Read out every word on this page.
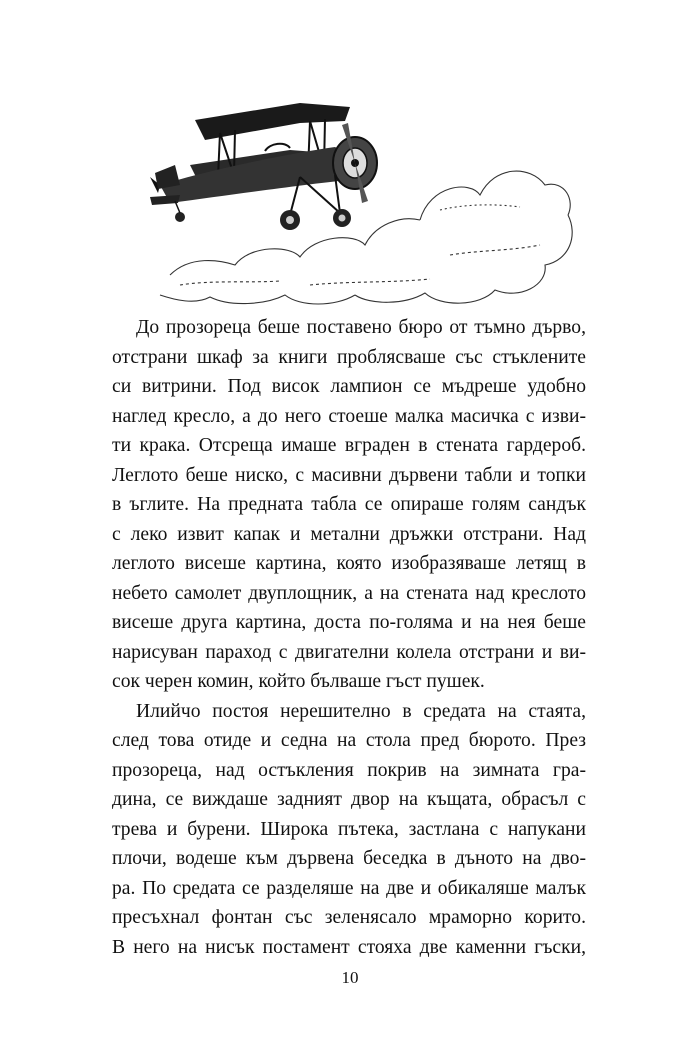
До прозореца беше поставено бюро от тъмно дърво,
отстрани шкаф за книги проблясваше със стъклените
си витрини. Под висок лампион се мъдреше удобно
наглед кресло, а до него стоеше малка масичка с изви-
ти крака. Отсреща имаше вграден в стената гардероб.
Леглото беше ниско, с масивни дървени табли и топки
в ъглите. На предната табла се опираше голям сандък
с леко извит капак и метални дръжки отстрани. Над
леглото висеше картина, която изобразяваше летящ в
небето самолет двуплощник, а на стената над креслото
висеше друга картина, доста по-голяма и на нея беше
нарисуван параход с двигателни колела отстрани и ви-
сок черен комин, който бълваше гъст пушек.
Илийчо постоя нерешително в средата на стаята,
след това отиде и седна на стола пред бюрото. През
прозореца, над остъкления покрив на зимната гра-
дина, се виждаше задният двор на къщата, обрасъл с
трева и бурени. Широка пътека, застлана с напукани
плочи, водеше към дървена беседка в дъното на дво-
ра. По средата се разделяше на две и обикаляше малък
пресъхнал фонтан със зеленясало мраморно корито.
В него на нисък постамент стояха две каменни гъски,
10
